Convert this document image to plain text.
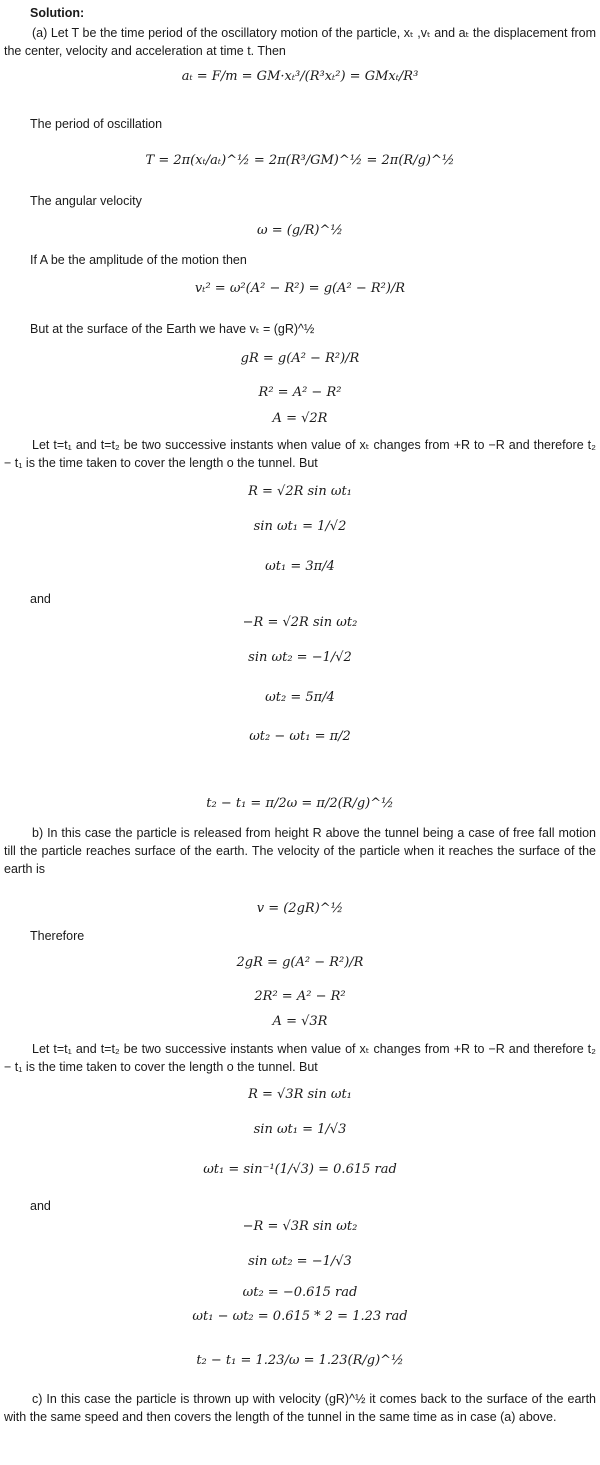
Solution:
(a) Let T be the time period of the oscillatory motion of the particle, xₜ ,vₜ and aₜ the displacement from the center, velocity and acceleration at time t. Then
aₜ = F/m = GM·xₜ³/(R³xₜ²) = GMxₜ/R³
The period of oscillation
T = 2π(xₜ/aₜ)^½ = 2π(R³/GM)^½ = 2π(R/g)^½
The angular velocity
ω = (g/R)^½
If A be the amplitude of the motion then
vₜ² = ω²(A² − R²) = g(A² − R²)/R
But at the surface of the Earth we have vₜ = (gR)^½
gR = g(A² − R²)/R
R² = A² − R²
A = √2R
Let t=t₁ and t=t₂ be two successive instants when value of xₜ changes from +R to −R and therefore t₂ − t₁ is the time taken to cover the length o the tunnel. But
R = √2R sin ωt₁
sin ωt₁ = 1/√2
ωt₁ = 3π/4
and
−R = √2R sin ωt₂
sin ωt₂ = −1/√2
ωt₂ = 5π/4
ωt₂ − ωt₁ = π/2
t₂ − t₁ = π/2ω = π/2(R/g)^½
b) In this case the particle is released from height R above the tunnel being a case of free fall motion till the particle reaches surface of the earth. The velocity of the particle when it reaches the surface of the earth is
v = (2gR)^½
Therefore
2gR = g(A² − R²)/R
2R² = A² − R²
A = √3R
Let t=t₁ and t=t₂ be two successive instants when value of xₜ changes from +R to −R and therefore t₂ − t₁ is the time taken to cover the length o the tunnel. But
R = √3R sin ωt₁
sin ωt₁ = 1/√3
ωt₁ = sin⁻¹(1/√3) = 0.615 rad
and
−R = √3R sin ωt₂
sin ωt₂ = −1/√3
ωt₂ = −0.615 rad
ωt₁ − ωt₂ = 0.615 * 2 = 1.23 rad
t₂ − t₁ = 1.23/ω = 1.23(R/g)^½
c) In this case the particle is thrown up with velocity (gR)^½ it comes back to the surface of the earth with the same speed and then covers the length of the tunnel in the same time as in case (a) above.
